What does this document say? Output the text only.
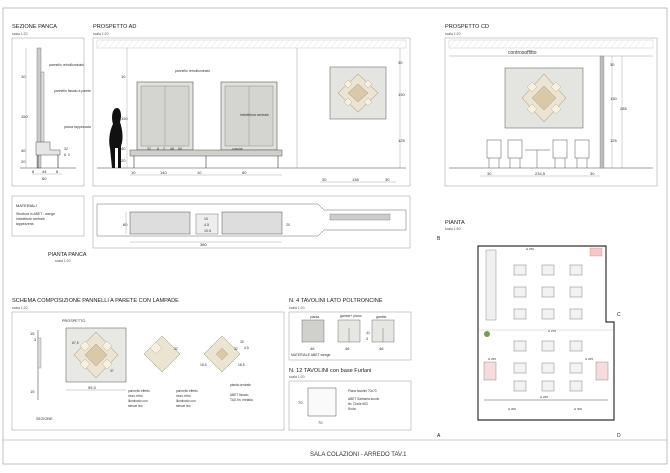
SALA COLAZIONI - ARREDO TAV.1
SEZIONE PANCA
scala 1:20
pannello retroilluminato
pannello fissato a parete
panca tappezzata
10
150
40
20
32
6 2
8 44 8
60
PROSPETTO AD
scala 1:20
pannello retroilluminato
imbottitura centrale
cuscini
10
150
40
20
32 6 2 48 60
10	140	10	60
30
130
125
30	138	30
PROSPETTO CD
scala 1:20
controsoffitto
30
130
125
285
30	234,5	30
MATERIALI
Struttura in ABET - wenge
imbottiture centrale
tappezzeria	60
380
10
4.5
10.5
20
PIANTA PANCA
scala 1:20
PIANTA
scala 1:50
B
C
A	D
H 250
H 270
H 265	H 265
H 265
H 300	H 300
SCHEMA COMPOSIZIONE PANNELLI A PARETE CON LAMPADE
scala 1:20
PROSPETTO
SEZIONE
15
3
15
95,3
67,5
37
32	32
18,5
30
4,5
18,5
pannello effetto
muro retro
illuminato con
strisce led
pannello effetto
muro retro
illuminato con
strisce led
pianta centrale
ABET fissato
TAG fin. metalla
N. 4 TAVOLINI LATO POLTRONCINE
scala 1:20
pianta	gambe+ piano	gambe
46	46	46
41
3
MATERIALE ABET wenge
N. 12 TAVOLINI con base Furlani
scala 1:20
70
70
Piano tavolini 70x70
ABET Salmaria avorio
fin. Clarie 653
Roda
